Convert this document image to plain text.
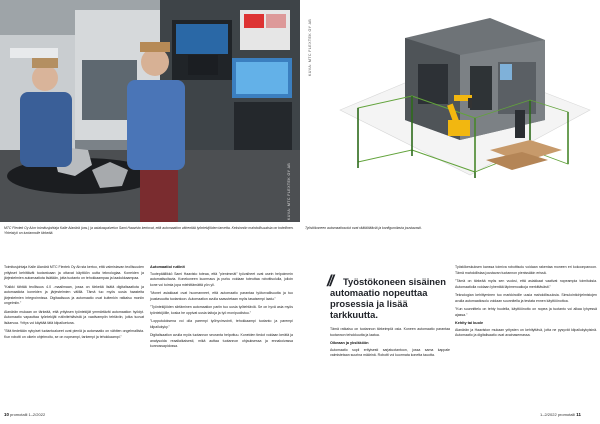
KUVA: MTC FLEXTEK OY AB
MTC Flextek Oy Ab:n toimitusjohtaja Kalle Alanärä (vas.) ja asiakaspalvelun Sami Haavisto kertovat, että automaation vähentää työntekijöiden tarvetta. Keksinnön mahdollisuuksia on todellinen. Yhteistyö on tuotannolle tärkeää.

Toimitusjohtaja Kalle Alanärä MTC Flextek Oy Ab:sta kertoo, että valmistavan teollisuuden yritykset kehittävät tuotantoaan ja ottavat käyttöön uutta teknologiaa. Koneiden ja järjestelmien automaatiota lisätään, jotta tuotanto on tehokkaampaa ja laadukkaampaa.

"Kaikki tähtää teollisuus 4.0 -maailmaan, jossa on tärkeää lisätä digitalisaatiota ja automaatiota koneiden ja järjestelmien välillä. Tämä tuo myös uusia haasteita järjestelmien integroinnissa. Digitaalisuus ja automaatio ovat kuitenkin ratkaisu moniin ongelmiin."

Alanärän mukaan on tärkeää, että yrityksen työntekijät ymmärtävät automaation hyödyt. Automaatio vapauttaa työntekijät rutiinitehtävistä ja vaativampiin tehtäviin, jotka tuovat lisäarvoa. Yritys voi käyttää tätä kilpailuetuna.

"Sitä tiedetään nykyiset tuotantoalueet ovat pieniä ja automaatio on vähiten ongelmallista. Kun robotti on oikein ohjelmoitu, se on nopeampi, tarkempi ja tehokkaampi."

Automaatioi rutiinit

Tuotepäällikkö Sami Haavisto toteaa, että "pienimmät" työvaiheet ovat usein helpoimmin automatisoitavia. Konekoneen kuormaus ja purku voidaan toteuttaa robottisolulla, jolloin kone voi toimia jopa miehittämättä yön yli.

"Monet asiakkaat ovat huomanneet, että automaatio parantaa työturvallisuutta ja tuo joustavuutta tuotantoon. Automaation avulla saavutetaan myös tasaisempi laatu."

"Työntekijöiden siirtäminen automaation pariin tuo uusia työtehtäviä. Se on hyvä asia myös työntekijöille, koska he oppivat uusia taitoja ja työ monipuolistuu."

"Lopputuloksena voi olla parempi työhyvinvointi, tehokkaampi tuotanto ja parempi kilpailukyky."

Digitalisaation avulla myös tuotannon seuranta helpottuu. Koneiden tiedot voidaan kerätä ja analysoida reaaliaikaisesti, mikä auttaa tuotannon ohjauksessa ja ennakoivassa kunnossapidossa.

10 promotalli 1–2/2022
KUVA: MTC FLEXTEK OY AB
Työstökoneen automaatiosolut ovat räätälöitäviä ja konfiguroitavia joustavasti.
//	Työstökoneen sisäinen automaatio nopeuttaa prosessia ja lisää tarkkuutta.

Tämä ratkaisu on tuotannon tärkeimpiä osia. Koneen automaatio parantaa tuotannon tehokkuutta ja laatua.

Oikeaan ja yksikköön

Automaatio sopii erityisesti sarjatuotantoon, jossa sama kappale valmistetaan suurina määrinä. Robotti voi kuormata konetta tauotta.

Työstökeskuksen kanssa toimiva robottisolu voidaan rakentaa moneen eri kokoonpanoon. Tämä mahdollistaa joustavan tuotannon pienissäkin erissä.

"Tämä on tärkeää myös sen vuoksi, että asiakkaat vaativat nopeampia toimituksia. Automaatiolla voidaan lyhentää läpimenoaikoja merkittävästi."

Teknologian kehittyminen tuo markkinoille uusia mahdollisuuksia. Simulointiohjelmistojen avulla automaatiosolu voidaan suunnitella ja testata ennen käyttöönottoa.

"Kun suunnittelu on tehty huolella, käyttöönotto on nopea ja tuotanto voi alkaa lyhyessä ajassa."

Kehity tai kuole

Alanärän ja Haaviston mukaan yritysten on kehityttävä, jotta ne pysyvät kilpailukykyisinä. Automaatio ja digitalisaatio ovat avainasemassa.

1–2/2022 promotalli 11
